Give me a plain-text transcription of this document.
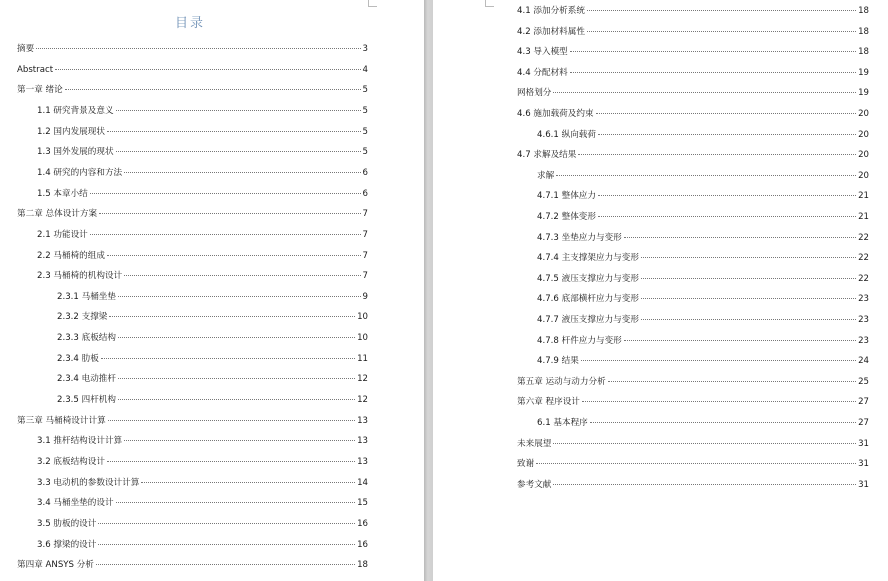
目录
摘要	3
Abstract	4
第一章 绪论	5
1.1 研究背景及意义	5
1.2 国内发展现状	5
1.3 国外发展的现状	5
1.4 研究的内容和方法	6
1.5 本章小结	6
第二章 总体设计方案	7
2.1 功能设计	7
2.2 马桶椅的组成	7
2.3 马桶椅的机构设计	7
2.3.1 马桶坐垫	9
2.3.2 支撑梁	10
2.3.3 底板结构	10
2.3.4 肋板	11
2.3.4 电动推杆	12
2.3.5 四杆机构	12
第三章 马桶椅设计计算	13
3.1 推杆结构设计计算	13
3.2 底板结构设计	13
3.3 电动机的参数设计计算	14
3.4 马桶坐垫的设计	15
3.5 肋板的设计	16
3.6 撑梁的设计	16
第四章 ANSYS 分析	18
4.1 添加分析系统	18
4.2 添加材料属性	18
4.3 导入模型	18
4.4 分配材料	19
网格划分	19
4.6 施加载荷及约束	20
4.6.1 纵向载荷	20
4.7 求解及结果	20
求解	20
4.7.1 整体应力	21
4.7.2 整体变形	21
4.7.3 坐垫应力与变形	22
4.7.4 主支撑架应力与变形	22
4.7.5 液压支撑应力与变形	22
4.7.6 底部横杆应力与变形	23
4.7.7 液压支撑应力与变形	23
4.7.8 杆件应力与变形	23
4.7.9 结果	24
第五章 运动与动力分析	25
第六章 程序设计	27
6.1 基本程序	27
未来展望	31
致谢	31
参考文献	31
